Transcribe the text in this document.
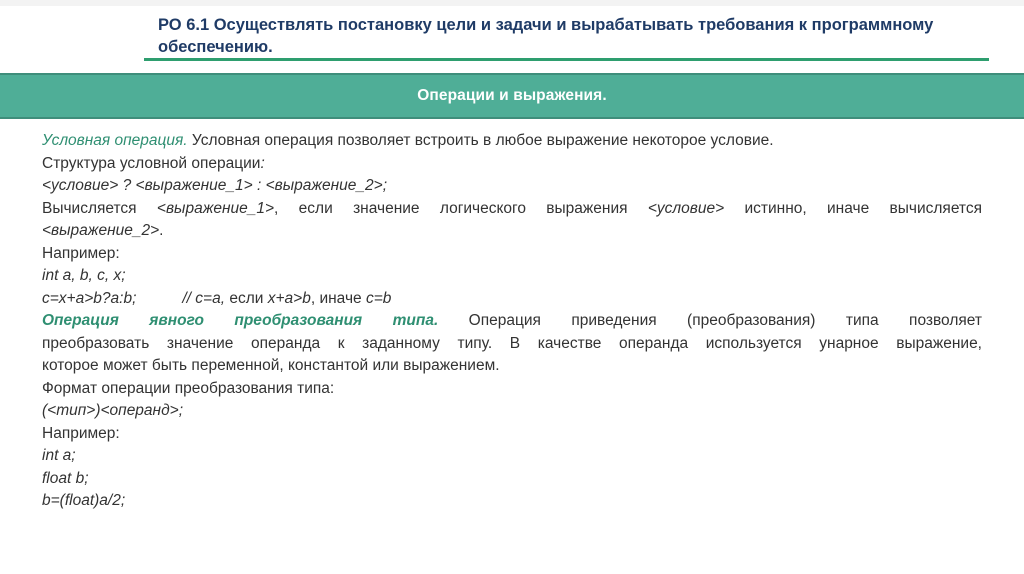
РО 6.1 Осуществлять постановку цели и задачи и вырабатывать требования к программному обеспечению.
Операции и выражения.
Условная операция. Условная операция позволяет встроить в любое выражение некоторое условие.
Структура условной операции:
<условие> ? <выражение_1> : <выражение_2>;
Вычисляется <выражение_1>, если значение логического выражения <условие> истинно, иначе вычисляется
<выражение_2>.
Например:
int a, b, c, x;
c=x+a>b?a:b;	// c=a, если x+a>b, иначе c=b
Операция явного преобразования типа. Операция приведения (преобразования) типа позволяет
преобразовать значение операнда к заданному типу. В качестве операнда используется унарное выражение,
которое может быть переменной, константой или выражением.
Формат операции преобразования типа:
(<тип>)<операнд>;
Например:
int a;
float b;
b=(float)a/2;
